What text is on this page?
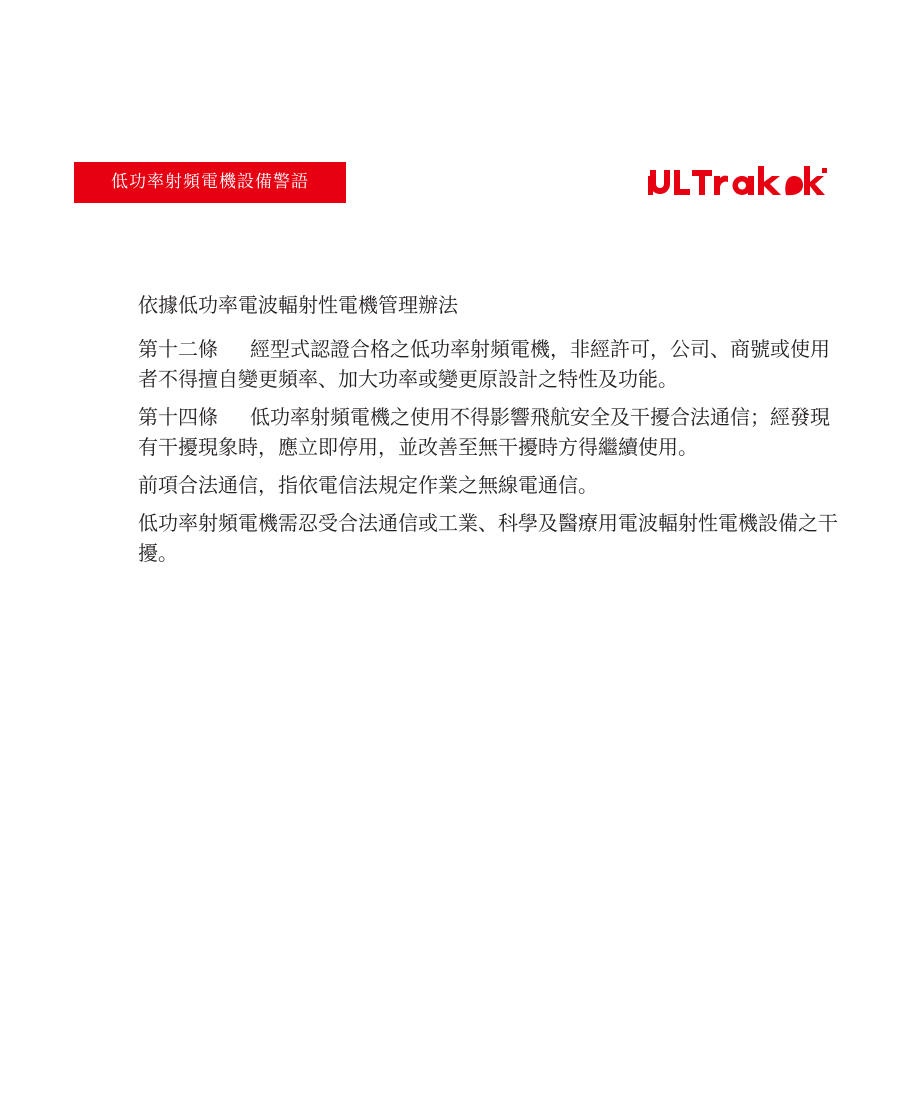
低功率射頻電機設備警語

依據低功率電波輻射性電機管理辦法

第十二條 經型式認證合格之低功率射頻電機，非經許可，公司、商號或使用者不得擅自變更頻率、加大功率或變更原設計之特性及功能。

第十四條 低功率射頻電機之使用不得影響飛航安全及干擾合法通信；經發現有干擾現象時，應立即停用，並改善至無干擾時方得繼續使用。

前項合法通信，指依電信法規定作業之無線電通信。

低功率射頻電機需忍受合法通信或工業、科學及醫療用電波輻射性電機設備之干擾。
